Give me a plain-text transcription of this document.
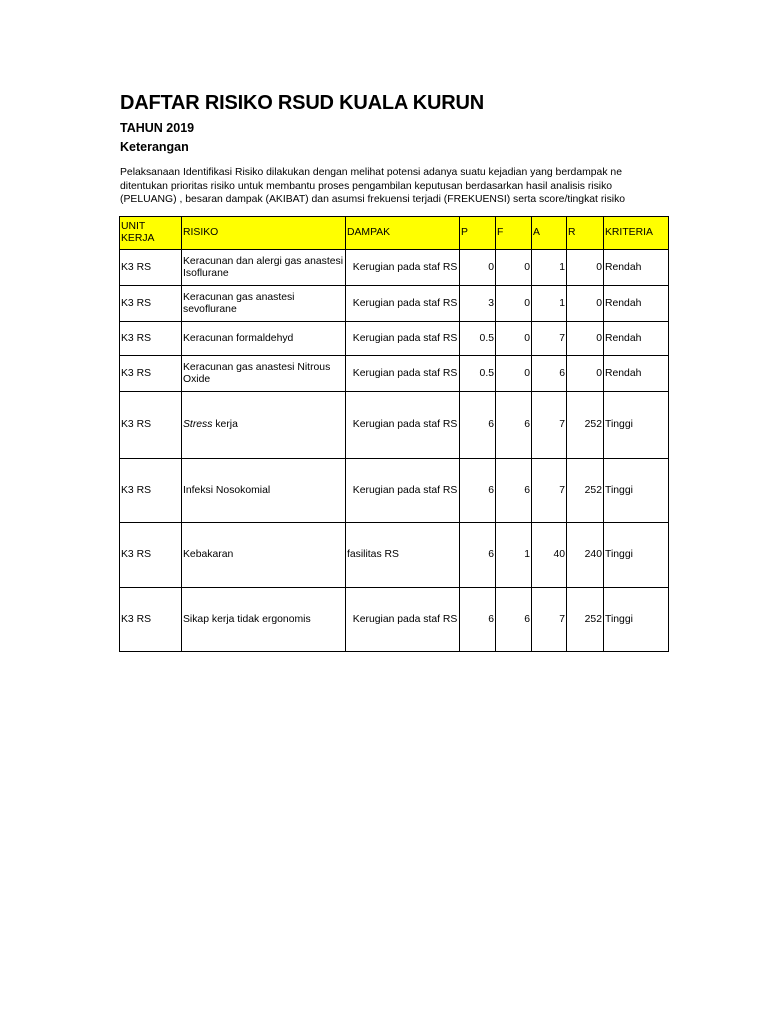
DAFTAR RISIKO RSUD KUALA KURUN
TAHUN 2019
Keterangan
Pelaksanaan Identifikasi Risiko dilakukan dengan melihat potensi adanya suatu kejadian yang berdampak ne
ditentukan prioritas risiko untuk membantu proses pengambilan keputusan berdasarkan hasil analisis risiko
(PELUANG) , besaran dampak (AKIBAT) dan asumsi frekuensi terjadi (FREKUENSI) serta score/tingkat risiko
UNIT KERJA	RISIKO	DAMPAK	P	F	A	R	KRITERIA
K3 RS	Keracunan dan alergi gas anastesi Isoflurane	Kerugian pada staf RS	0	0	1	0	Rendah
K3 RS	Keracunan gas anastesi sevoflurane	Kerugian pada staf RS	3	0	1	0	Rendah
K3 RS	Keracunan formaldehyd	Kerugian pada staf RS	0.5	0	7	0	Rendah
K3 RS	Keracunan gas anastesi Nitrous Oxide	Kerugian pada staf RS	0.5	0	6	0	Rendah
K3 RS	Stress kerja	Kerugian pada staf RS	6	6	7	252	Tinggi
K3 RS	Infeksi Nosokomial	Kerugian pada staf RS	6	6	7	252	Tinggi
K3 RS	Kebakaran	fasilitas RS	6	1	40	240	Tinggi
K3 RS	Sikap kerja tidak ergonomis	Kerugian pada staf RS	6	6	7	252	Tinggi
